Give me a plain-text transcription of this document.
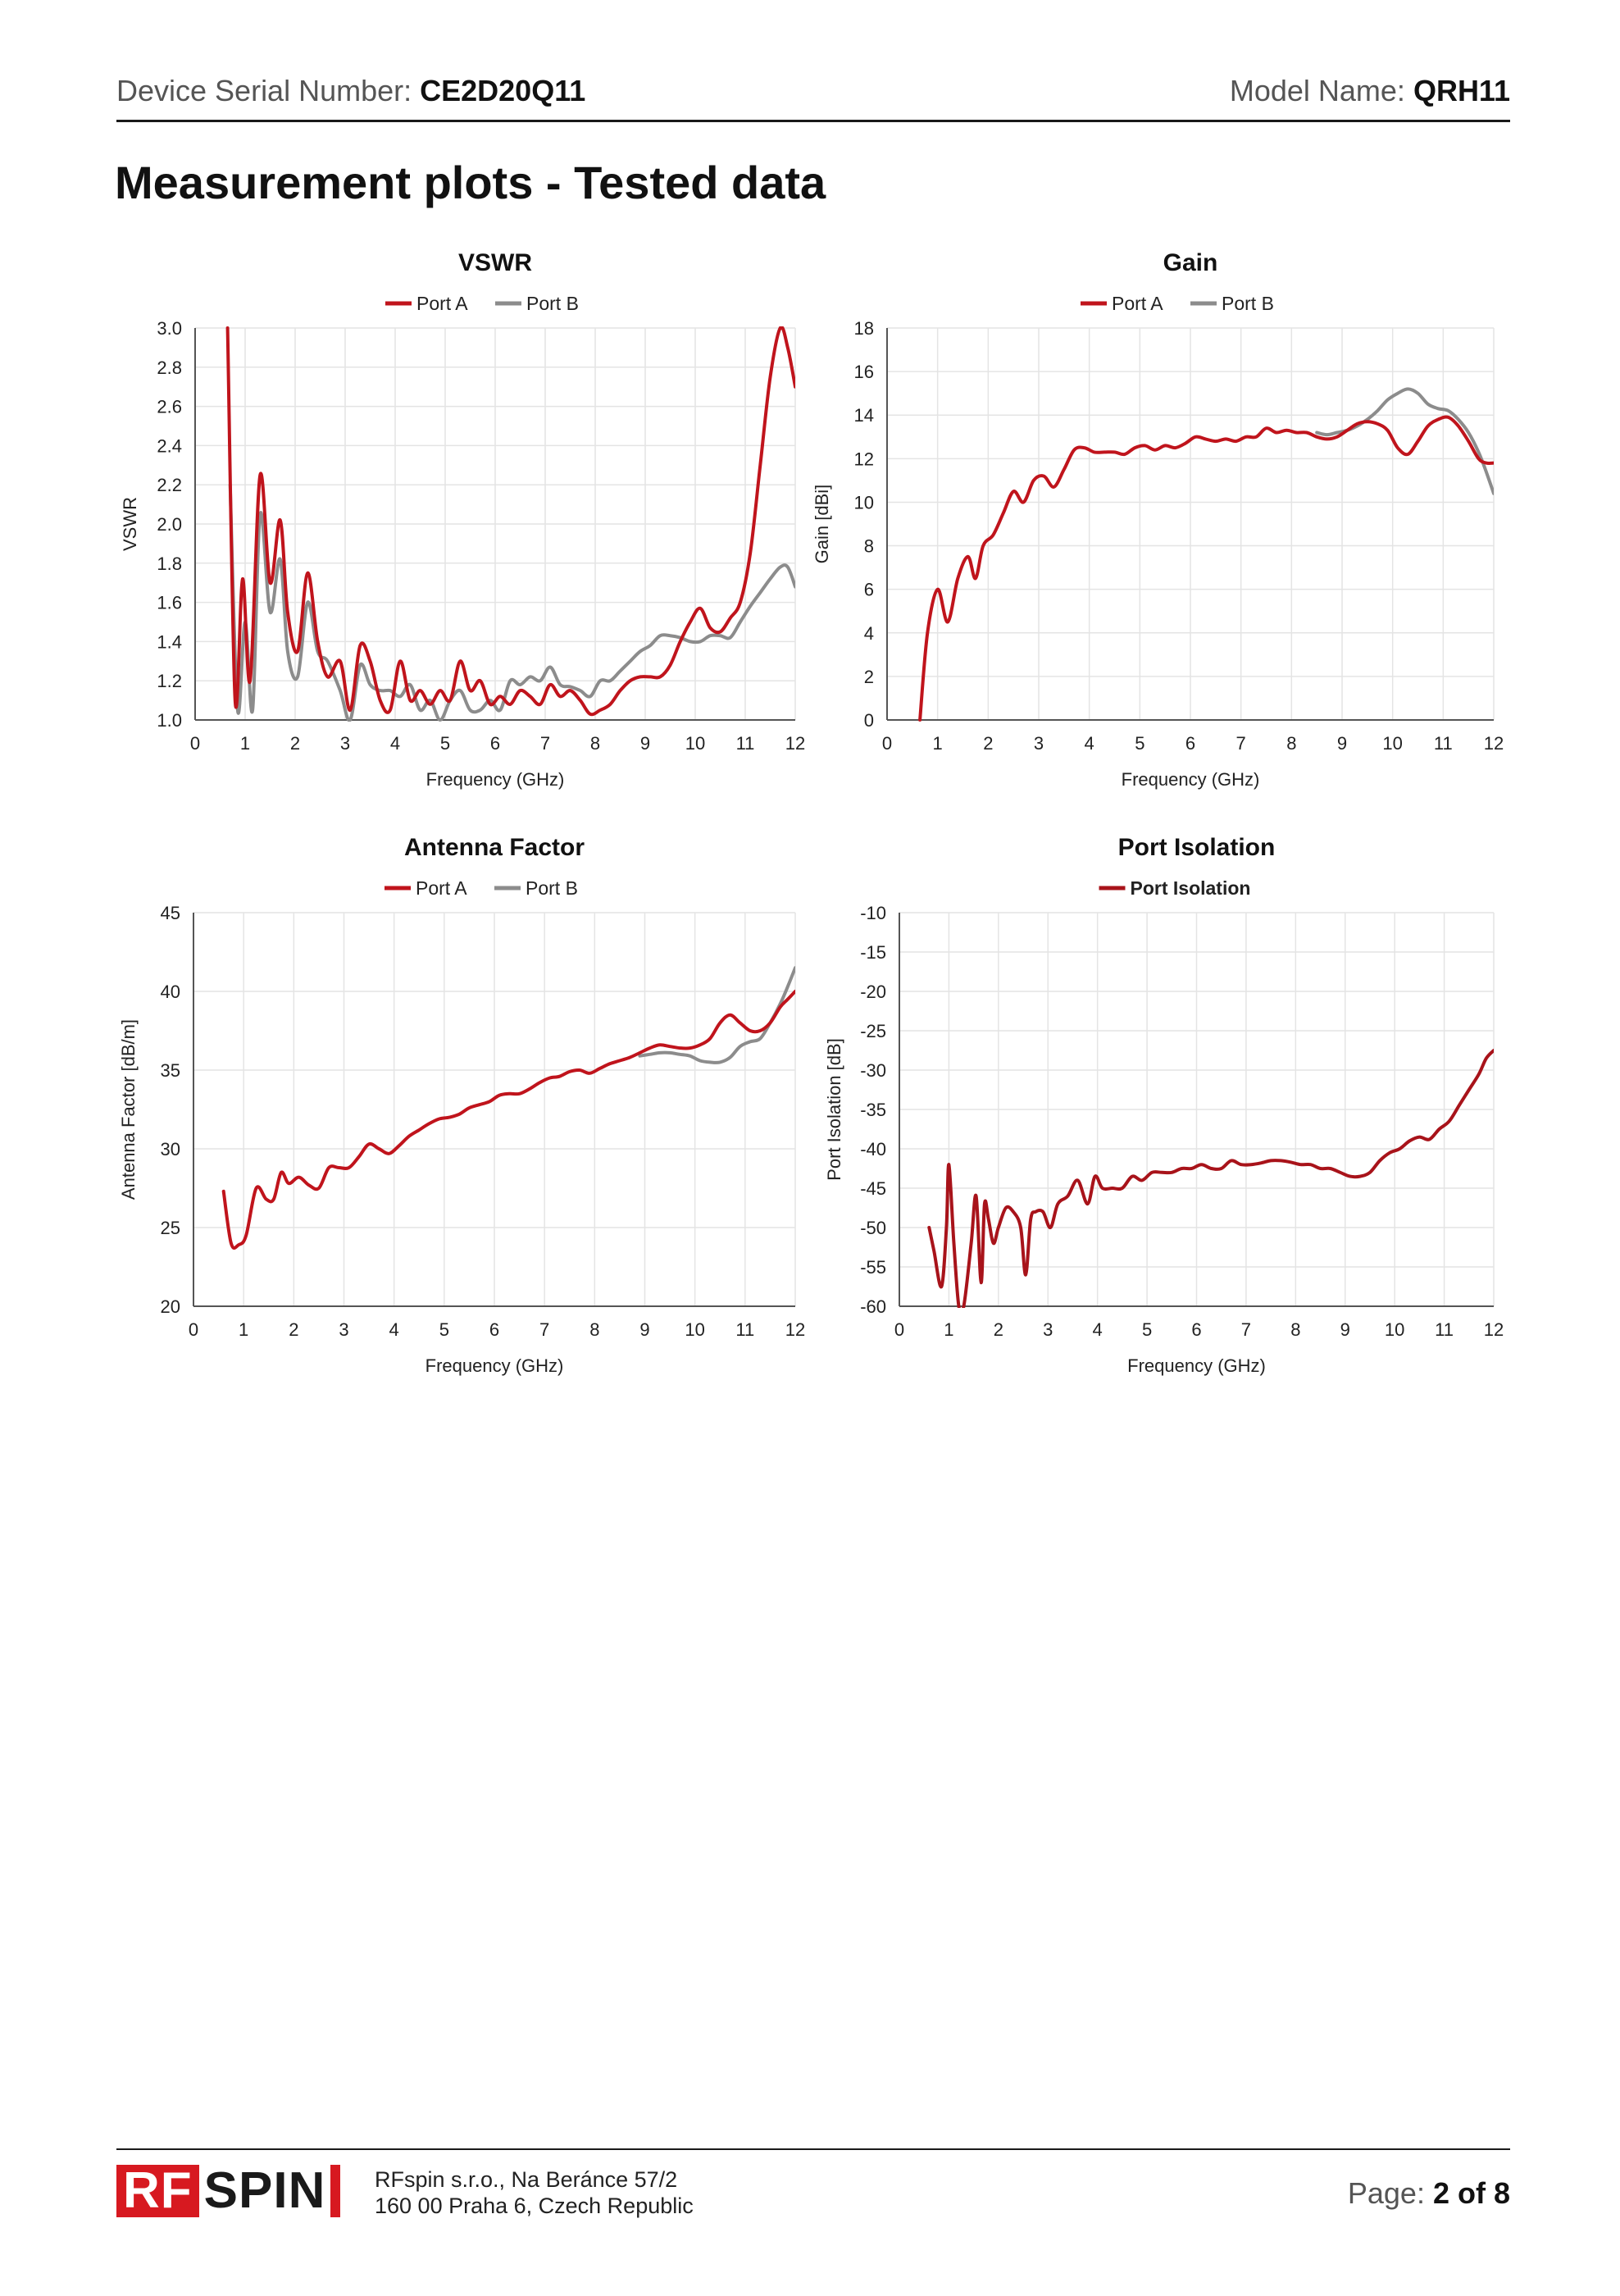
Device Serial Number: CE2D20Q11	Model Name: QRH11
Measurement plots - Tested data
VSWR
Port A	Port B
0 1 2 3 4 5 6 7 8 9 10 11 12
1.0
1.2
1.4
1.6
1.8
2.0
2.2
2.4
2.6
2.8
3.0
Frequency (GHz)
VSWR
Gain
Port A	Port B
0 1 2 3 4 5 6 7 8 9 10 11 12
0
2
4
6
8
10
12
14
16
18
Frequency (GHz)
Gain [dBi]
Antenna Factor
Port A	Port B
0 1 2 3 4 5 6 7 8 9 10 11 12
20
25
30
35
40
45
Frequency (GHz)
Antenna Factor [dB/m]
Port Isolation
Port Isolation
0 1 2 3 4 5 6 7 8 9 10 11 12
-60
-55
-50
-45
-40
-35
-30
-25
-20
-15
-10
Frequency (GHz)
Port Isolation [dB]
RF SPIN RFspin s.r.o., Na Beránce 57/2
160 00 Praha 6, Czech Republic	Page: 2 of 8
